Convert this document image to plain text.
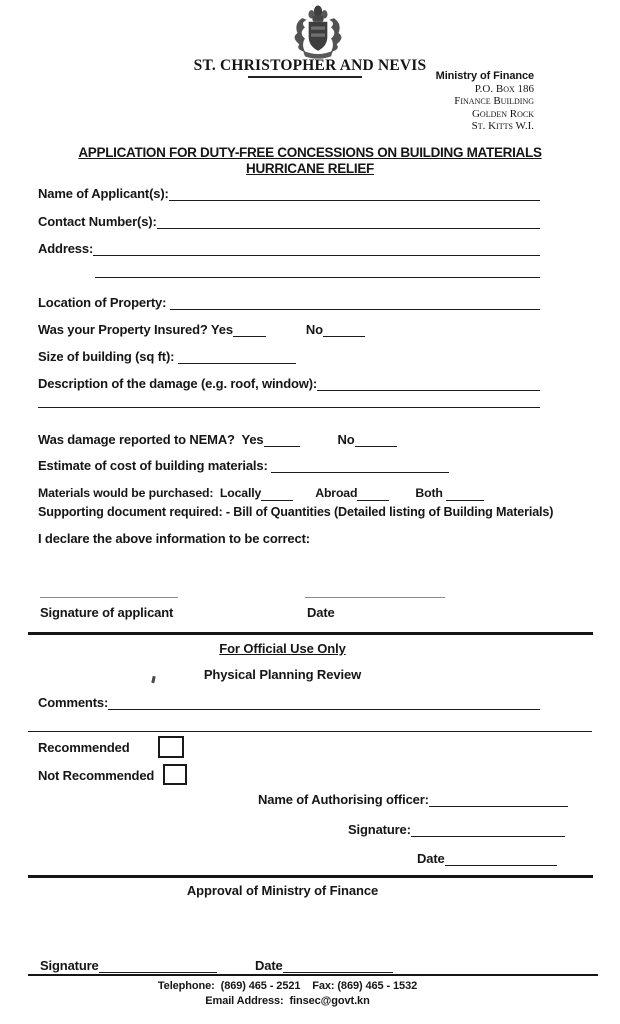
ST. CHRISTOPHER AND NEVIS
Ministry of Finance
P.O. Box 186
Finance Building
Golden Rock
St. Kitts W.I.
APPLICATION FOR DUTY-FREE CONCESSIONS ON BUILDING MATERIALS
HURRICANE RELIEF
Name of Applicant(s):
Contact Number(s):
Address:
Location of Property:
Was your Property Insured? Yes	No
Size of building (sq ft):
Description of the damage (e.g. roof, window):
Was damage reported to NEMA?  Yes	No
Estimate of cost of building materials:
Materials would be purchased:  Locally	Abroad	Both
Supporting document required: - Bill of Quantities (Detailed listing of Building Materials)
I declare the above information to be correct:
Signature of applicant	Date
For Official Use Only
Physical Planning Review
Comments:
Recommended
Not Recommended
Name of Authorising officer:
Signature:
Date
Approval of Ministry of Finance
Signature	Date
Telephone:  (869) 465 - 2521    Fax: (869) 465 - 1532
Email Address:  finsec@govt.kn
